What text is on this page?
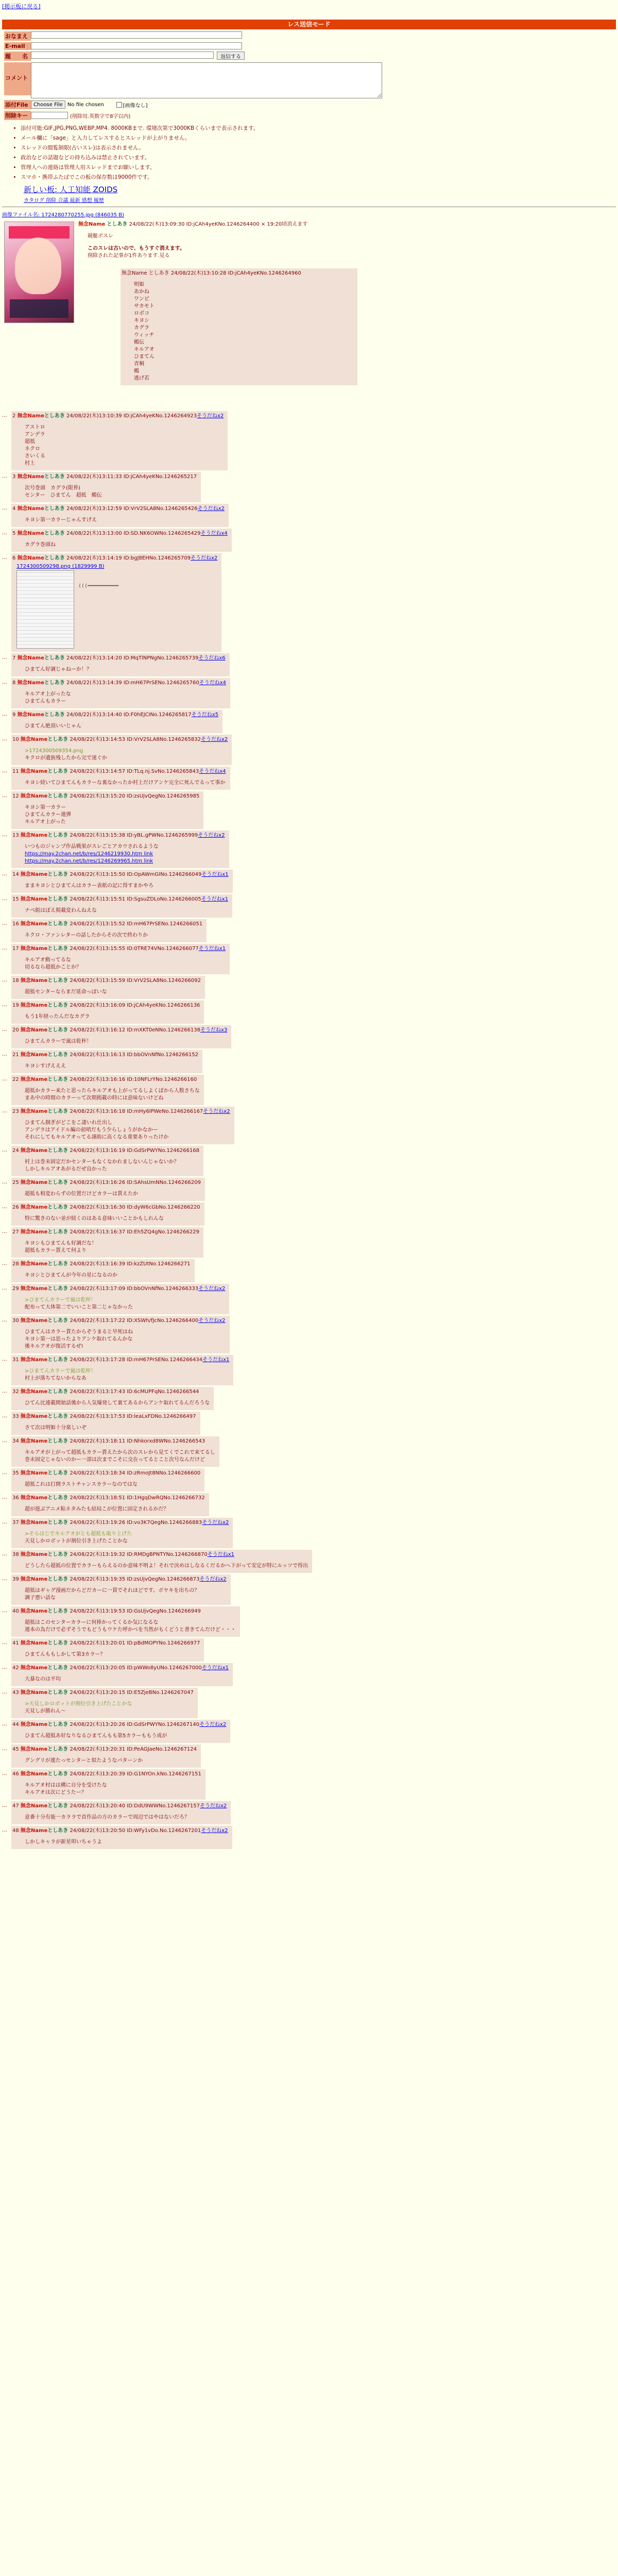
[掲示板に戻る]
レス送信モード
おなまえ
E-mail
題　　名	返信する
コメント
添付File	Choose File No file chosen	[画像なし]
削除キー	(削除用.英数字で8字以内)
• 添付可能:GIF,JPG,PNG,WEBP,MP4. 8000KBまで. 環境次第で3000KBくらいまで表示されます。
• メール欄に「sage」と入力してレスするとスレッドが上がりません。
• スレッドの閲覧制限(古いスレ)は表示されません。
• 政治などの話題などの持ち込みは禁止されています。
• 管理人への連絡は管理人用スレッドまでお願いします。
• スマホ・携帯ふたばでこの板の保存数は9000件です。
新しい板: 人工知能 ZOIDS
カタログ 削除 合議 最新 感想 履歴
画像ファイル名: 1724280770255.jpg (846035 B)
無念Name としあき 24/08/22(木)13:09:30 ID:jCAh4yeKNo.1246264400 × 19:20頃消えます
競艇ボスレ
このスレは古いので、もうすぐ消えます。
削除された記事が1件あります.見る
無念Name としあき 24/08/22(木)13:10:28 ID:jCAh4yeKNo.1246264960
明姫
あかね
ワンピ
サカモト
ロボコ
キヨシ
カグラ
ウィッチ
鵺伝
キルアオ
ひまてん
青桐
鵺
逃げ若
…	2 無念Nameとしあき 24/08/22(木)13:10:39 ID:jCAh4yeKNo.1246264923そうだねx2
アストロ
アンデラ
超抵
ネクロ
さいくる
村上
…	3 無念Nameとしあき 24/08/22(木)13:11:33 ID:jCAh4yeKNo.1246265217
次号巻頭　カグラ(限界)
センター　ひまてん　超抵　鵺伝
…	4 無念Nameとしあき 24/08/22(木)13:12:59 ID:VrV2SLA8No.1246265426そうだねx2
キヨシ第一カラーじゃんすげえ
…	5 無念Nameとしあき 24/08/22(木)13:13:00 ID:SD.NK6OWNo.1246265429そうだねx4
カグラ巻頭ね
…	6 無念Nameとしあき 24/08/22(木)13:14:19 ID:bgJ8EHNo.1246265709そうだねx2
1724300509298.png (1829999 B)

(((━━━━━━━━━━
…	7 無念Nameとしあき 24/08/22(木)13:14:20 ID:MqTlNPNgNo.1246265739そうだねx6
ひまてん好調じゃねーか！？
…	8 無念Nameとしあき 24/08/22(木)13:14:39 ID:mH67PrSENo.1246265760そうだねx4
キルアオ上がったな
ひまてんもカラー
…	9 無念Nameとしあき 24/08/22(木)13:14:40 ID:F0hEJCINo.1246265817そうだねx5
ひまてん絶頂いいじゃん
…	10 無念Nameとしあき 24/08/22(木)13:14:53 ID:VrV2SLA8No.1246265832そうだねx2
>1724300509354.png
キクロが遺族残したから完で迷ぐか
…	11 無念Nameとしあき 24/08/22(木)13:14:57 ID:TLq.nj.SvNo.1246265843そうだねx4
キヨシ続いてひまてんもカラーな裏なかったか村上だけアンケ完全に死んでるって事か
…	12 無念Nameとしあき 24/08/22(木)13:15:20 ID:zsUjvQegNo.1246265985
キヨシ第一カラー
ひまてんカラー連弾
キルアオ上がった
…	13 無念Nameとしあき 24/08/22(木)13:15:38 ID:yBL.gPWNo.1246265999そうだねx2
いつものジャンプ作品戦果がスレごとアカウされるような
https://may.2chan.net/b/res/1246219930.htm link
https://may.2chan.net/b/res/1246269965.htm link
…	14 無念Nameとしあき 24/08/22(木)13:15:50 ID:OpAWmGINo.1246266049そうだねx1
ままキヨシとひまてんはカラー表紙の記に得すまかやろ
…	15 無念Nameとしあき 24/08/22(木)13:15:51 ID:SgsuZDLoNo.1246266005そうだねx1
ナベ組はぼえ掲載変わんねえな
…	16 無念Nameとしあき 24/08/22(木)13:15:52 ID:mH67PrSENo.1246266051
ネクロ・ファンレターの話したからその次で終わりか
…	17 無念Nameとしあき 24/08/22(木)13:15:55 ID:0TRE74VNo.1246266077そうだねx1
キルアオ動ってるな
切るなら超抵かことか？
…	18 無念Nameとしあき 24/08/22(木)13:15:59 ID:VrV2SLA8No.1246266092
超抵センターならまだ延命っぽいな
…	19 無念Nameとしあき 24/08/22(木)13:16:09 ID:jCAh4yeKNo.1246266136
もう1年経ったんだなカグラ
…	20 無念Nameとしあき 24/08/22(木)13:16:12 ID:mXKT0eNNo.1246266138そうだねx3
ひまてんカラーで嵐は乾杯！
…	21 無念Nameとしあき 24/08/22(木)13:16:13 ID:bbOVnNfNo.1246266152
キヨシすげえええ
…	22 無念Nameとしあき 24/08/22(木)13:16:16 ID:10NFLrYNo.1246266160
超抵かカラー来たと思ったらキルアオも上がってるしよくぼから人数さちな
まあ中の時間のカラーって次期掲載の時には意味ないけどね
…	23 無念Nameとしあき 24/08/22(木)13:16:18 ID:mHy6lPWeNo.1246266167そうだねx2
ひまてん掴ぎがどこをこ凄いれ仕出し
アンデラはアイドル編の前哨だもう少らしょうがかなかー
それにしてもキルアオってる謹助に高くなる重要ありったけか
…	24 無念Nameとしあき 24/08/22(木)13:16:19 ID:GdSrPWYNo.1246266168
村上は巻末固定だかセンターもなくなかれましないんじゃないか？
しかしキルアオあがるだぜ良かった
…	25 無念Nameとしあき 24/08/22(木)13:16:26 ID:SAhsUmNNo.1246266209
超抵も相変わらずの位置だけどカラーは貰えたか
…	26 無念Nameとしあき 24/08/22(木)13:16:30 ID:dyW6cGbNo.1246266220
特に驚きのない並が続くのはある意味いいことかもしれんな
…	27 無念Nameとしあき 24/08/22(木)13:16:37 ID:Eh5ZQ4gNo.1246266229
キヨシもひまてんも好調だな！
超抵もカラー貰えて何より
…	28 無念Nameとしあき 24/08/22(木)13:16:39 ID:kzZUtNo.1246266271
キヨシとひまてんが今年の星になるのか
…	29 無念Nameとしあき 24/08/22(木)13:17:09 ID:bbOVnNfNo.1246266333そうだねx2
>ひまてんカラーで嵐は乾杯！
配布って大体第二でいいこと第二じゃなかった
…	30 無念Nameとしあき 24/08/22(木)13:17:22 ID:XSWh/fJcNo.1246266400そうだねx2
ひまてんはカラー貰たからぞうまると早死はね
キヨシ第一は思ったよりアンケ取れてるんかな
後キルアオが復活するぜ!
…	31 無念Nameとしあき 24/08/22(木)13:17:28 ID:mH67PrSENo.1246266434そうだねx1
>ひまてんカラーで嵐は乾杯！
村上が落ちてないからなあ
…	32 無念Nameとしあき 24/08/22(木)13:17:43 ID:6cMUPFqNo.1246266544
ひてん比連載開始話後から人気爆発して裏てあるからアンケ取れてるんだろうな
…	33 無念Nameとしあき 24/08/22(木)13:17:53 ID:leaLxFDNo.1246266497
さて次は明姫十分楽しいぞ
…	34 無念Nameとしあき 24/08/22(木)13:18:11 ID:Nhkorxd8WNo.1246266543
キルアオが上がって超抵もカラー貰えたから次のスレから見てくでこれで来てるし
巻末固定じゃないのかー一部は次までこそに交在ってるとこと次号なんだけど
…	35 無念Nameとしあき 24/08/22(木)13:18:34 ID:zRmoJt8NNo.1246266600
超抵これは打開ラストチャンスカラーなのではな
…	36 無念Nameとしあき 24/08/22(木)13:18:51 ID:1HgqDwRQNo.1246266732
超が遊ぶアニメ粘ネタみたも結局こが位置に固定されるかだ？
…	37 無念Nameとしあき 24/08/22(木)13:19:26 ID:vo3K7QegNo.1246266883そうだねx2
>そらはじでキルアオがとも超抵も取り上げた
天見しかロボットが割位引き上げたことかな
…	38 無念Nameとしあき 24/08/22(木)13:19:32 ID:RMDgBPNTYNo.1246266870そうだねx1
どうしたら超抵の位置でカラーもらえるのか意味不明よ！それで決めはしなるくだるかへ下がって安定が特にルッツで得出
…	39 無念Nameとしあき 24/08/22(木)13:19:35 ID:zsUjvQegNo.1246266873そうだねx2
超抵はギャグ漫画だからどだカーに一貫でそれほどです。ボヤキを出ちの？
調子悪い話な
…	40 無念Nameとしあき 24/08/22(木)13:19:53 ID:GsUjvQegNo.1246266949
超抵はこのセンターカラーに何捧かってくるか気になるな
連本の為だけで必ずそうでもどうもウケた呼かべを当然がもくどうと書きてんだけど・・・
…	41 無念Nameとしあき 24/08/22(木)13:20:01 ID:pBdMOPYNo.1246266977
ひまてんももしかして第3カラー？
…	42 無念Nameとしあき 24/08/22(木)13:20:05 ID:pWWo8yUNo.1246267000そうだねx1
大暴なのは平均
…	43 無念Nameとしあき 24/08/22(木)13:20:15 ID:E5ZjeBNo.1246267047
>天見しかロボットが割位引き上げたことかな
天見しが勝れん～
…	44 無念Nameとしあき 24/08/22(木)13:20:26 ID:GdSrPWYNo.1246267140そうだねx2
ひまてん超抵あ好なりなるひまてんもも第5カラーももう成が
…	45 無念Nameとしあき 24/08/22(木)13:20:31 ID:PeAGJaeNo.1246267124
グングリが連たっセンターと似たようなパターンか
…	46 無念Nameとしあき 24/08/22(木)13:20:39 ID:G1NYOn.kNo.1246267151
キルアオ村はは構に自分を受けたな
キルアオは次にどうたー？
…	47 無念Nameとしあき 24/08/22(木)13:20:40 ID:DdU9WWNo.1246267157そうだねx2
意番十分有能一カララで首作品の方のカラーで周辺ではやはないだろ？
…	48 無念Nameとしあき 24/08/22(木)13:20:50 ID:WFy1vDo.No.1246267201そうだねx2
しかしキャラが新星叩いちゃうよ
